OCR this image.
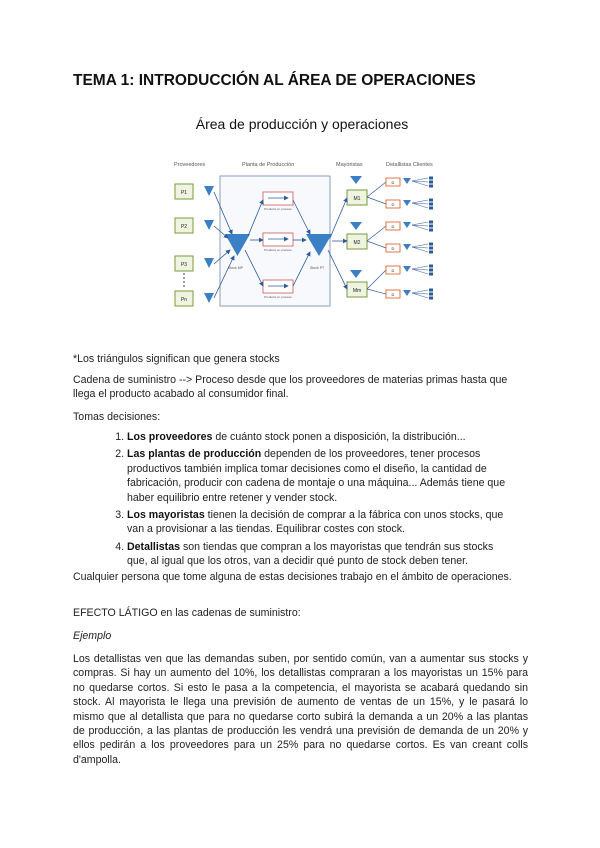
TEMA 1: INTRODUCCIÓN AL ÁREA DE OPERACIONES
Área de producción y operaciones
Proveedores	Planta de Producción	Mayoristas	Detallistas Clientes
P1
P2
P3
Pn
Stock MP
Producto en proceso
Producto en proceso
Producto en proceso
Stock PT
M1
M2
Mm
D
D
D
D
D
D

*Los triángulos significan que genera stocks

Cadena de suministro --> Proceso desde que los proveedores de materias primas hasta que llega el producto acabado al consumidor final.

Tomas decisiones:

1. Los proveedores de cuánto stock ponen a disposición, la distribución...
2. Las plantas de producción dependen de los proveedores, tener procesos productivos también implica tomar decisiones como el diseño, la cantidad de fabricación, producir con cadena de montaje o una máquina... Además tiene que haber equilibrio entre retener y vender stock.
3. Los mayoristas tienen la decisión de comprar a la fábrica con unos stocks, que van a provisionar a las tiendas. Equilibrar costes con stock.
4. Detallistas son tiendas que compran a los mayoristas que tendrán sus stocks que, al igual que los otros, van a decidir qué punto de stock deben tener.

Cualquier persona que tome alguna de estas decisiones trabajo en el ámbito de operaciones.

EFECTO LÁTIGO en las cadenas de suministro:

Ejemplo

Los detallistas ven que las demandas suben, por sentido común, van a aumentar sus stocks y compras. Si hay un aumento del 10%, los detallistas compraran a los mayoristas un 15% para no quedarse cortos. Si esto le pasa a la competencia, el mayorista se acabará quedando sin stock. Al mayorista le llega una previsión de aumento de ventas de un 15%, y le pasará lo mismo que al detallista que para no quedarse corto subirá la demanda a un 20% a las plantas de producción, a las plantas de producción les vendrá una previsión de demanda de un 20% y ellos pedirán a los proveedores para un 25% para no quedarse cortos. Es van creant colls d'ampolla.
